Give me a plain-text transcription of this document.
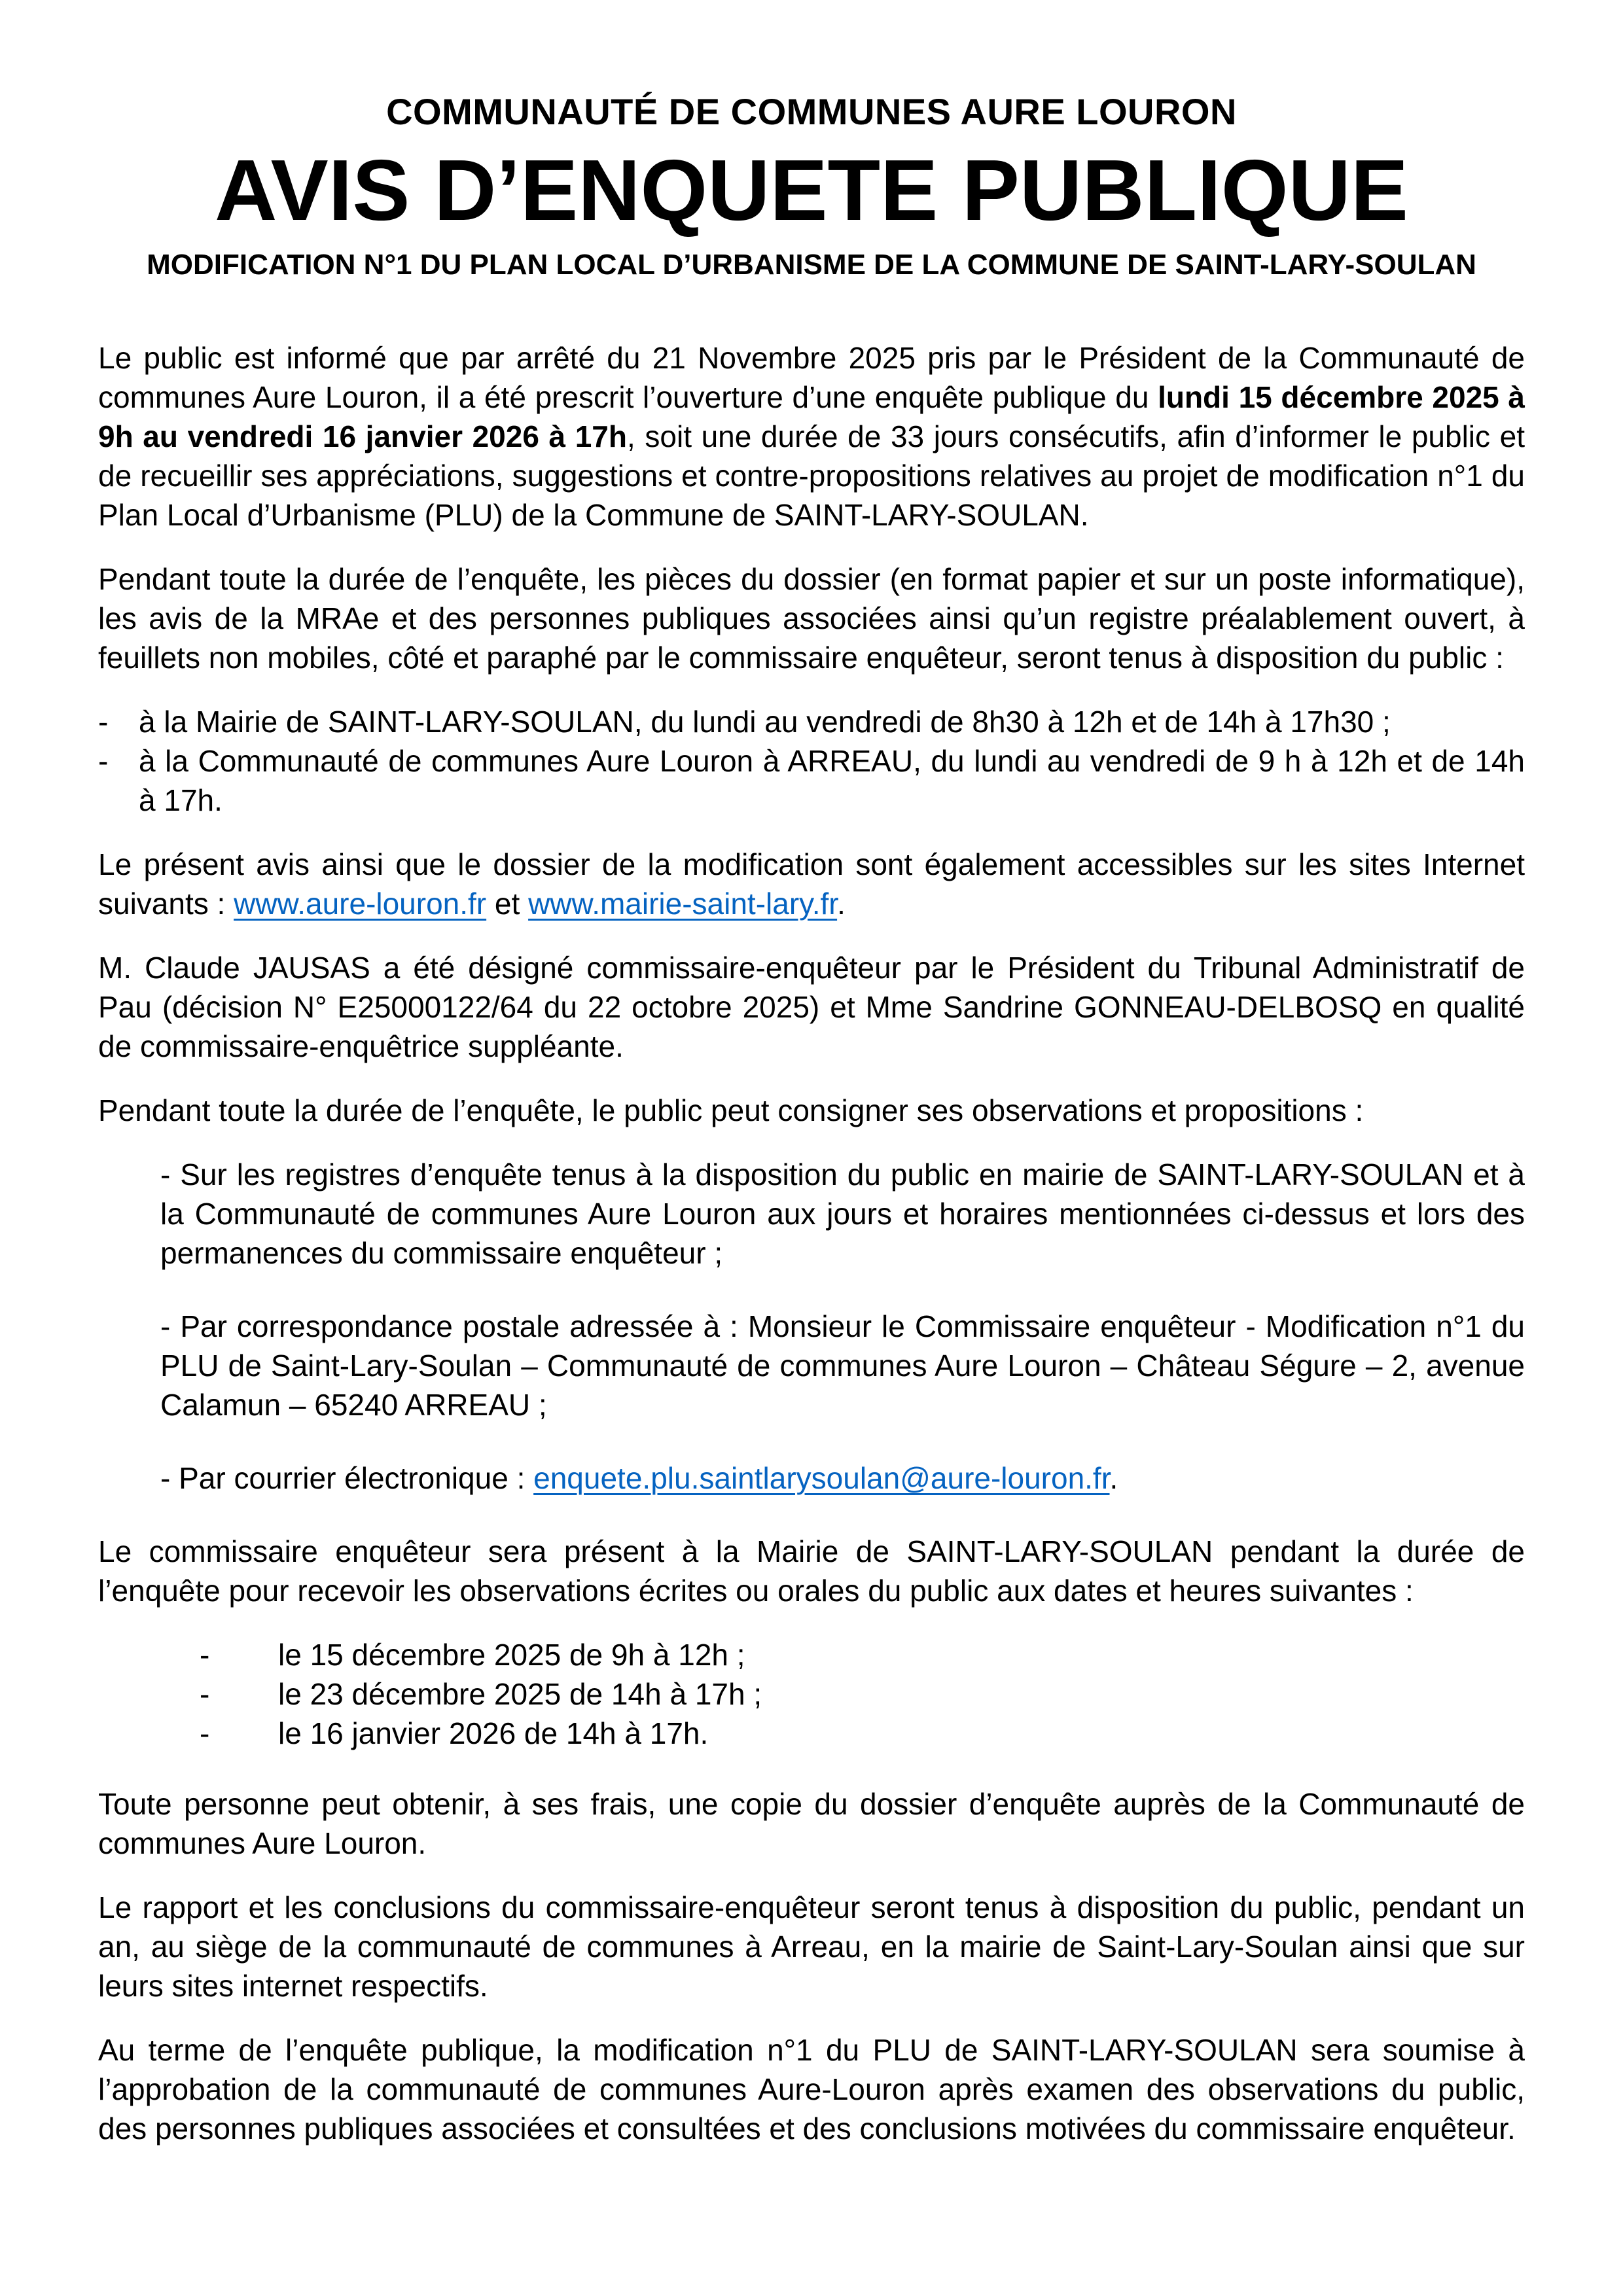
COMMUNAUTÉ DE COMMUNES AURE LOURON
AVIS D’ENQUETE PUBLIQUE
MODIFICATION N°1 DU PLAN LOCAL D’URBANISME DE LA COMMUNE DE SAINT-LARY-SOULAN

Le public est informé que par arrêté du 21 Novembre 2025 pris par le Président de la Communauté de communes Aure Louron, il a été prescrit l’ouverture d’une enquête publique du lundi 15 décembre 2025 à 9h au vendredi 16 janvier 2026 à 17h, soit une durée de 33 jours consécutifs, afin d’informer le public et de recueillir ses appréciations, suggestions et contre-propositions relatives au projet de modification n°1 du Plan Local d’Urbanisme (PLU) de la Commune de SAINT-LARY-SOULAN.

Pendant toute la durée de l’enquête, les pièces du dossier (en format papier et sur un poste informatique), les avis de la MRAe et des personnes publiques associées ainsi qu’un registre préalablement ouvert, à feuillets non mobiles, côté et paraphé par le commissaire enquêteur, seront tenus à disposition du public :

-	à la Mairie de SAINT-LARY-SOULAN, du lundi au vendredi de 8h30 à 12h et de 14h à 17h30 ;
-	à la Communauté de communes Aure Louron à ARREAU, du lundi au vendredi de 9 h à 12h et de 14h à 17h.

Le présent avis ainsi que le dossier de la modification sont également accessibles sur les sites Internet suivants : www.aure-louron.fr et www.mairie-saint-lary.fr.

M. Claude JAUSAS a été désigné commissaire-enquêteur par le Président du Tribunal Administratif de Pau (décision N° E25000122/64 du 22 octobre 2025) et Mme Sandrine GONNEAU-DELBOSQ en qualité de commissaire-enquêtrice suppléante.

Pendant toute la durée de l’enquête, le public peut consigner ses observations et propositions :

- Sur les registres d’enquête tenus à la disposition du public en mairie de SAINT-LARY-SOULAN et à la Communauté de communes Aure Louron aux jours et horaires mentionnées ci-dessus et lors des permanences du commissaire enquêteur ;
- Par correspondance postale adressée à : Monsieur le Commissaire enquêteur - Modification n°1 du PLU de Saint-Lary-Soulan – Communauté de communes Aure Louron – Château Ségure – 2, avenue Calamun – 65240 ARREAU ;
- Par courrier électronique : enquete.plu.saintlarysoulan@aure-louron.fr.

Le commissaire enquêteur sera présent à la Mairie de SAINT-LARY-SOULAN pendant la durée de l’enquête pour recevoir les observations écrites ou orales du public aux dates et heures suivantes :

-	le 15 décembre 2025 de 9h à 12h ;
-	le 23 décembre 2025 de 14h à 17h ;
-	le 16 janvier 2026 de 14h à 17h.

Toute personne peut obtenir, à ses frais, une copie du dossier d’enquête auprès de la Communauté de communes Aure Louron.

Le rapport et les conclusions du commissaire-enquêteur seront tenus à disposition du public, pendant un an, au siège de la communauté de communes à Arreau, en la mairie de Saint-Lary-Soulan ainsi que sur leurs sites internet respectifs.

Au terme de l’enquête publique, la modification n°1 du PLU de SAINT-LARY-SOULAN sera soumise à l’approbation de la communauté de communes Aure-Louron après examen des observations du public, des personnes publiques associées et consultées et des conclusions motivées du commissaire enquêteur.
